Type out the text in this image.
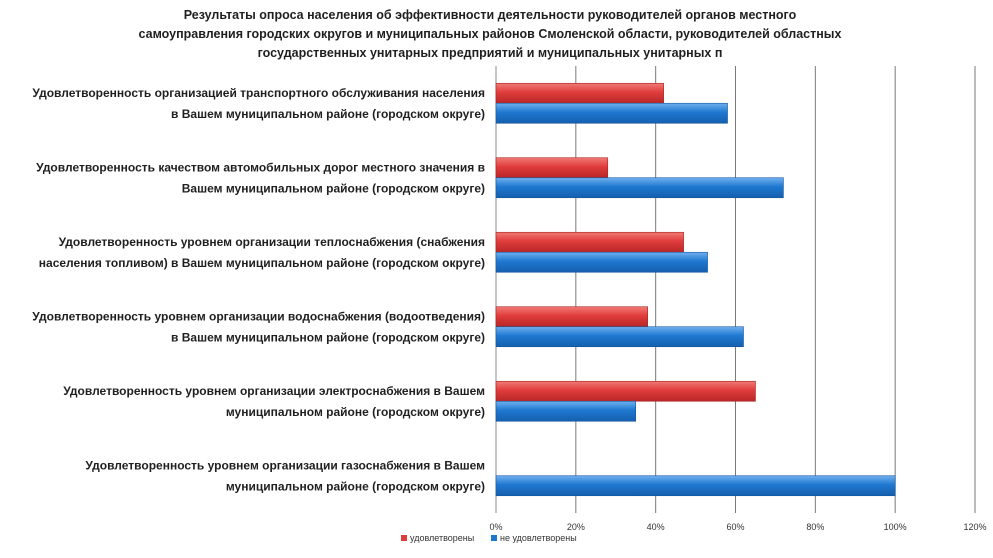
Результаты опроса населения об эффективности деятельности руководителей органов местного
самоуправления городских округов и муниципальных районов Смоленской области, руководителей областных
государственных унитарных предприятий и муниципальных унитарных п
Удовлетворенность организацией транспортного обслуживания населения
в Вашем муниципальном районе (городском округе)
Удовлетворенность качеством автомобильных дорог местного значения в
Вашем муниципальном районе (городском округе)
Удовлетворенность уровнем организации теплоснабжения (снабжения
населения топливом) в Вашем муниципальном районе (городском округе)
Удовлетворенность уровнем организации водоснабжения (водоотведения)
в Вашем муниципальном районе (городском округе)
Удовлетворенность уровнем организации электроснабжения в Вашем
муниципальном районе (городском округе)
Удовлетворенность уровнем организации газоснабжения в Вашем
муниципальном районе (городском округе)
0%	20%	40%	60%	80%	100%	120%
удовлетворены	не удовлетворены
